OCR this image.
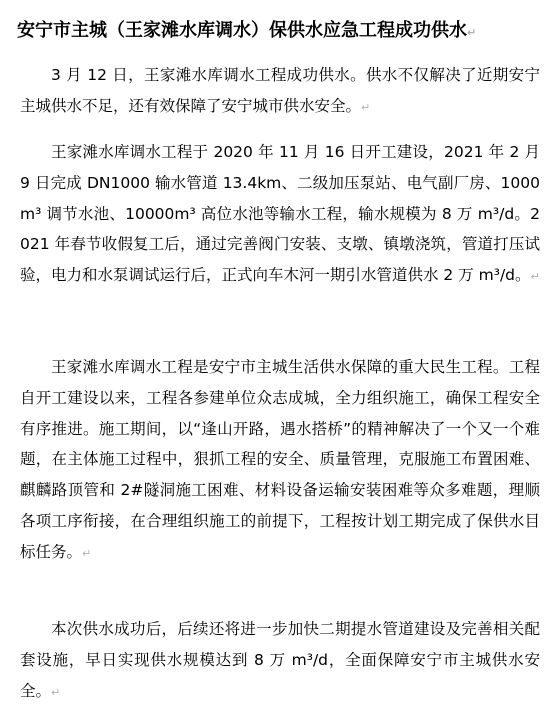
安宁市主城（王家滩水库调水）保供水应急工程成功供水↵
3 月 12 日，王家滩水库调水工程成功供水。供水不仅解决了近期安宁主城供水不足，还有效保障了安宁城市供水安全。↵
王家滩水库调水工程于 2020 年 11 月 16 日开工建设，2021 年 2 月 9 日完成 DN1000 输水管道 13.4km、二级加压泵站、电气副厂房、1000m³ 调节水池、10000m³ 高位水池等输水工程，输水规模为 8 万 m³/d。2021 年春节收假复工后，通过完善阀门安装、支墩、镇墩浇筑，管道打压试验，电力和水泵调试运行后，正式向车木河一期引水管道供水 2 万 m³/d。↵
王家滩水库调水工程是安宁市主城生活供水保障的重大民生工程。工程自开工建设以来，工程各参建单位众志成城，全力组织施工，确保工程安全有序推进。施工期间，以“逢山开路，遇水搭桥”的精神解决了一个又一个难题，在主体施工过程中，狠抓工程的安全、质量管理，克服施工布置困难、麒麟路顶管和 2#隧洞施工困难、材料设备运输安装困难等众多难题，理顺各项工序衔接，在合理组织施工的前提下，工程按计划工期完成了保供水目标任务。↵
本次供水成功后，后续还将进一步加快二期提水管道建设及完善相关配套设施，早日实现供水规模达到 8 万 m³/d，全面保障安宁市主城供水安全。↵
